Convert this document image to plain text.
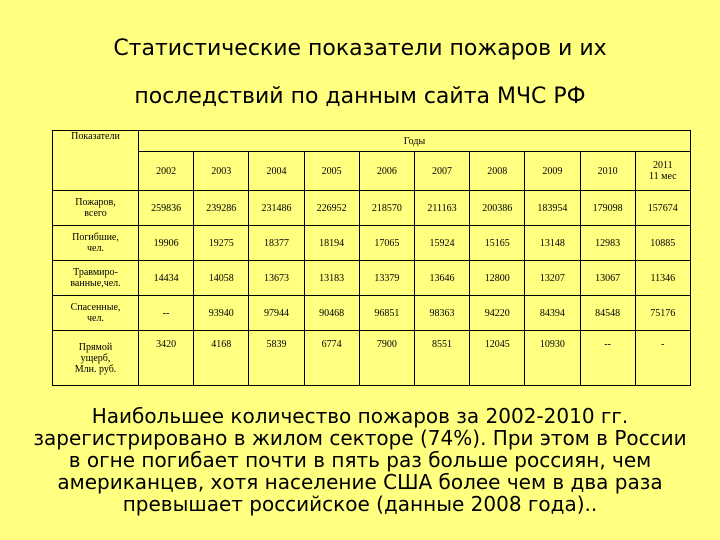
Статистические показатели пожаров и их
последствий по данным сайта МЧС РФ
Показатели	Годы									
	2002	2003	2004	2005	2006	2007	2008	2009	2010	2011
11 мес
Пожаров,
всего	259836	239286	231486	226952	218570	211163	200386	183954	179098	157674
Погибшие,
чел.	19906	19275	18377	18194	17065	15924	15165	13148	12983	10885
Травмиро-
ванные,чел.	14434	14058	13673	13183	13379	13646	12800	13207	13067	11346
Спасенные,
чел.	--	93940	97944	90468	96851	98363	94220	84394	84548	75176
Прямой
ущерб,
Млн. руб.	3420	4168	5839	6774	7900	8551	12045	10930	--	-

Наибольшее количество пожаров за 2002-2010 гг.
зарегистрировано в жилом секторе (74%). При этом в России
в огне погибает почти в пять раз больше россиян, чем
американцев, хотя население США более чем в два раза
превышает российское (данные 2008 года)..
